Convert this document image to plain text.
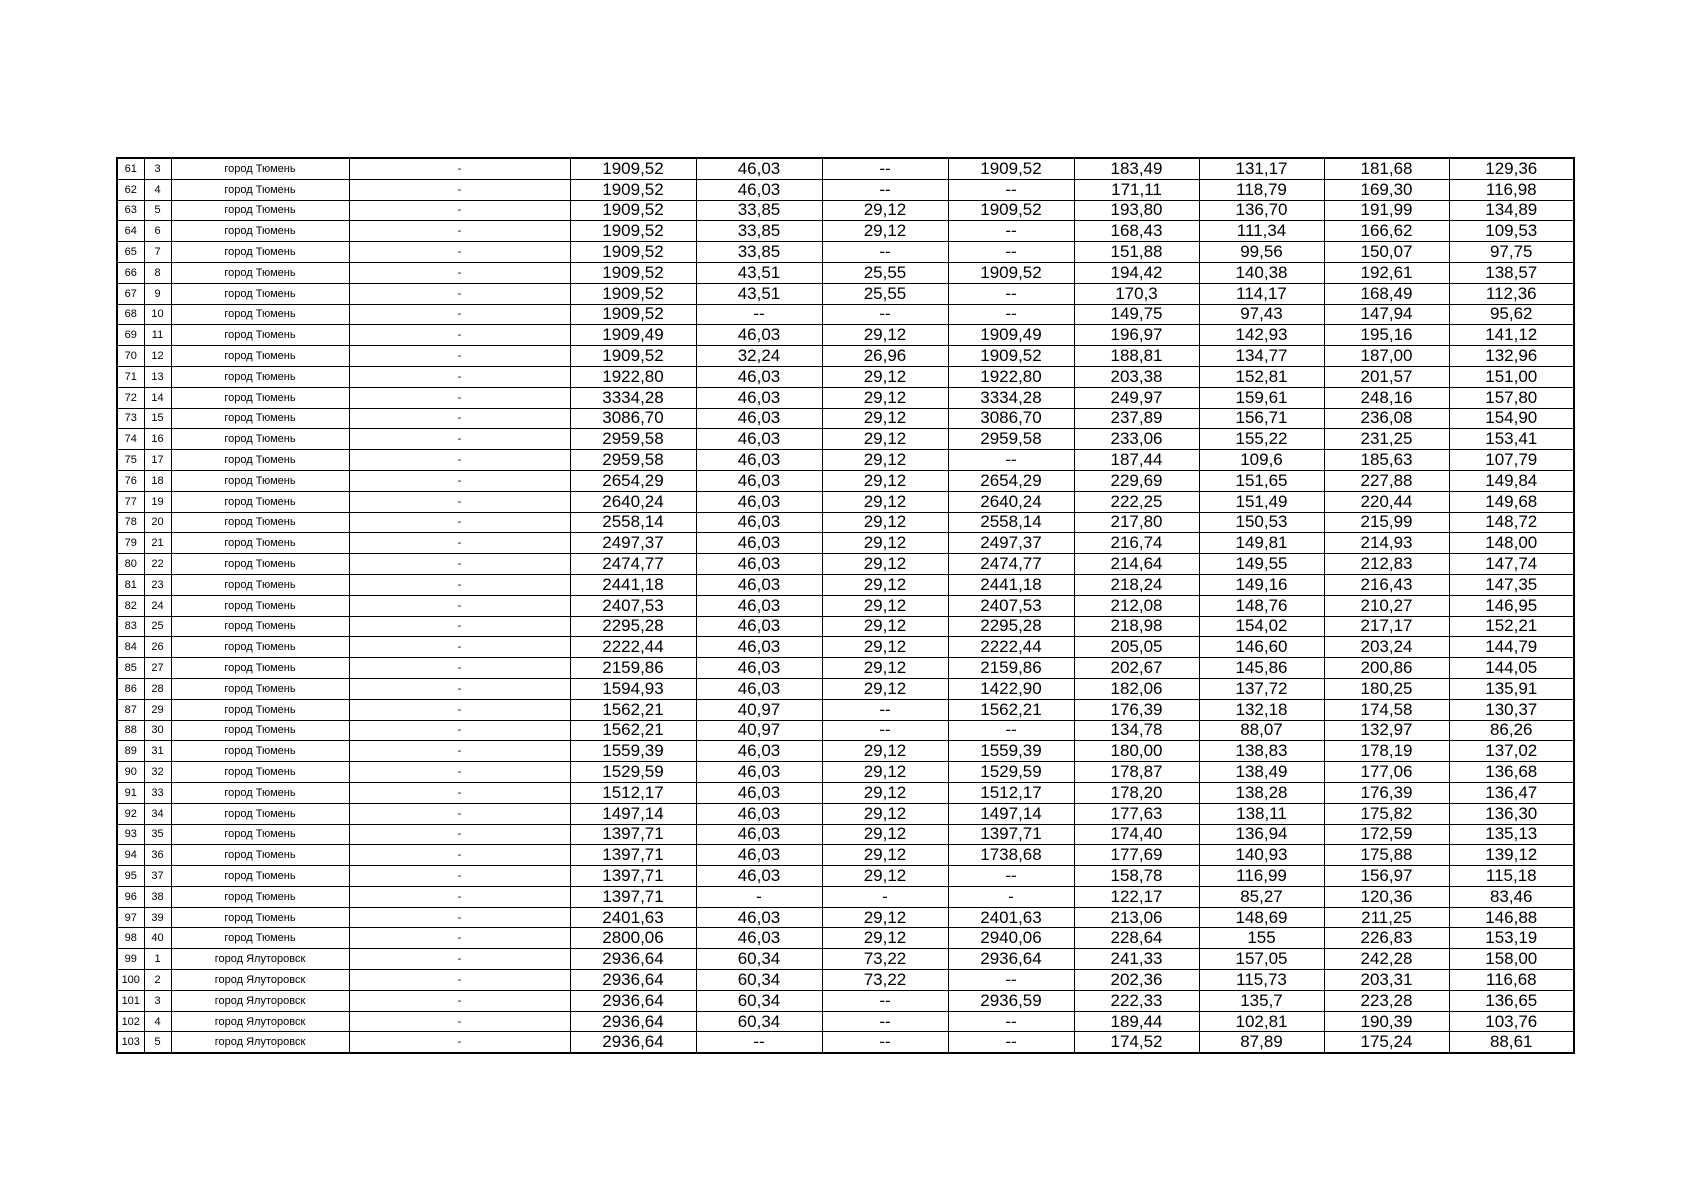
61	3	город Тюмень	-	1909,52	46,03	--	1909,52	183,49	131,17	181,68	129,36
62	4	город Тюмень	-	1909,52	46,03	--	--	171,11	118,79	169,30	116,98
63	5	город Тюмень	-	1909,52	33,85	29,12	1909,52	193,80	136,70	191,99	134,89
64	6	город Тюмень	-	1909,52	33,85	29,12	--	168,43	111,34	166,62	109,53
65	7	город Тюмень	-	1909,52	33,85	--	--	151,88	99,56	150,07	97,75
66	8	город Тюмень	-	1909,52	43,51	25,55	1909,52	194,42	140,38	192,61	138,57
67	9	город Тюмень	-	1909,52	43,51	25,55	--	170,3	114,17	168,49	112,36
68	10	город Тюмень	-	1909,52	--	--	--	149,75	97,43	147,94	95,62
69	11	город Тюмень	-	1909,49	46,03	29,12	1909,49	196,97	142,93	195,16	141,12
70	12	город Тюмень	-	1909,52	32,24	26,96	1909,52	188,81	134,77	187,00	132,96
71	13	город Тюмень	-	1922,80	46,03	29,12	1922,80	203,38	152,81	201,57	151,00
72	14	город Тюмень	-	3334,28	46,03	29,12	3334,28	249,97	159,61	248,16	157,80
73	15	город Тюмень	-	3086,70	46,03	29,12	3086,70	237,89	156,71	236,08	154,90
74	16	город Тюмень	-	2959,58	46,03	29,12	2959,58	233,06	155,22	231,25	153,41
75	17	город Тюмень	-	2959,58	46,03	29,12	--	187,44	109,6	185,63	107,79
76	18	город Тюмень	-	2654,29	46,03	29,12	2654,29	229,69	151,65	227,88	149,84
77	19	город Тюмень	-	2640,24	46,03	29,12	2640,24	222,25	151,49	220,44	149,68
78	20	город Тюмень	-	2558,14	46,03	29,12	2558,14	217,80	150,53	215,99	148,72
79	21	город Тюмень	-	2497,37	46,03	29,12	2497,37	216,74	149,81	214,93	148,00
80	22	город Тюмень	-	2474,77	46,03	29,12	2474,77	214,64	149,55	212,83	147,74
81	23	город Тюмень	-	2441,18	46,03	29,12	2441,18	218,24	149,16	216,43	147,35
82	24	город Тюмень	-	2407,53	46,03	29,12	2407,53	212,08	148,76	210,27	146,95
83	25	город Тюмень	-	2295,28	46,03	29,12	2295,28	218,98	154,02	217,17	152,21
84	26	город Тюмень	-	2222,44	46,03	29,12	2222,44	205,05	146,60	203,24	144,79
85	27	город Тюмень	-	2159,86	46,03	29,12	2159,86	202,67	145,86	200,86	144,05
86	28	город Тюмень	-	1594,93	46,03	29,12	1422,90	182,06	137,72	180,25	135,91
87	29	город Тюмень	-	1562,21	40,97	--	1562,21	176,39	132,18	174,58	130,37
88	30	город Тюмень	-	1562,21	40,97	--	--	134,78	88,07	132,97	86,26
89	31	город Тюмень	-	1559,39	46,03	29,12	1559,39	180,00	138,83	178,19	137,02
90	32	город Тюмень	-	1529,59	46,03	29,12	1529,59	178,87	138,49	177,06	136,68
91	33	город Тюмень	-	1512,17	46,03	29,12	1512,17	178,20	138,28	176,39	136,47
92	34	город Тюмень	-	1497,14	46,03	29,12	1497,14	177,63	138,11	175,82	136,30
93	35	город Тюмень	-	1397,71	46,03	29,12	1397,71	174,40	136,94	172,59	135,13
94	36	город Тюмень	-	1397,71	46,03	29,12	1738,68	177,69	140,93	175,88	139,12
95	37	город Тюмень	-	1397,71	46,03	29,12	--	158,78	116,99	156,97	115,18
96	38	город Тюмень	-	1397,71	-	-	-	122,17	85,27	120,36	83,46
97	39	город Тюмень	-	2401,63	46,03	29,12	2401,63	213,06	148,69	211,25	146,88
98	40	город Тюмень	-	2800,06	46,03	29,12	2940,06	228,64	155	226,83	153,19
99	1	город Ялуторовск	-	2936,64	60,34	73,22	2936,64	241,33	157,05	242,28	158,00
100	2	город Ялуторовск	-	2936,64	60,34	73,22	--	202,36	115,73	203,31	116,68
101	3	город Ялуторовск	-	2936,64	60,34	--	2936,59	222,33	135,7	223,28	136,65
102	4	город Ялуторовск	-	2936,64	60,34	--	--	189,44	102,81	190,39	103,76
103	5	город Ялуторовск	-	2936,64	--	--	--	174,52	87,89	175,24	88,61
